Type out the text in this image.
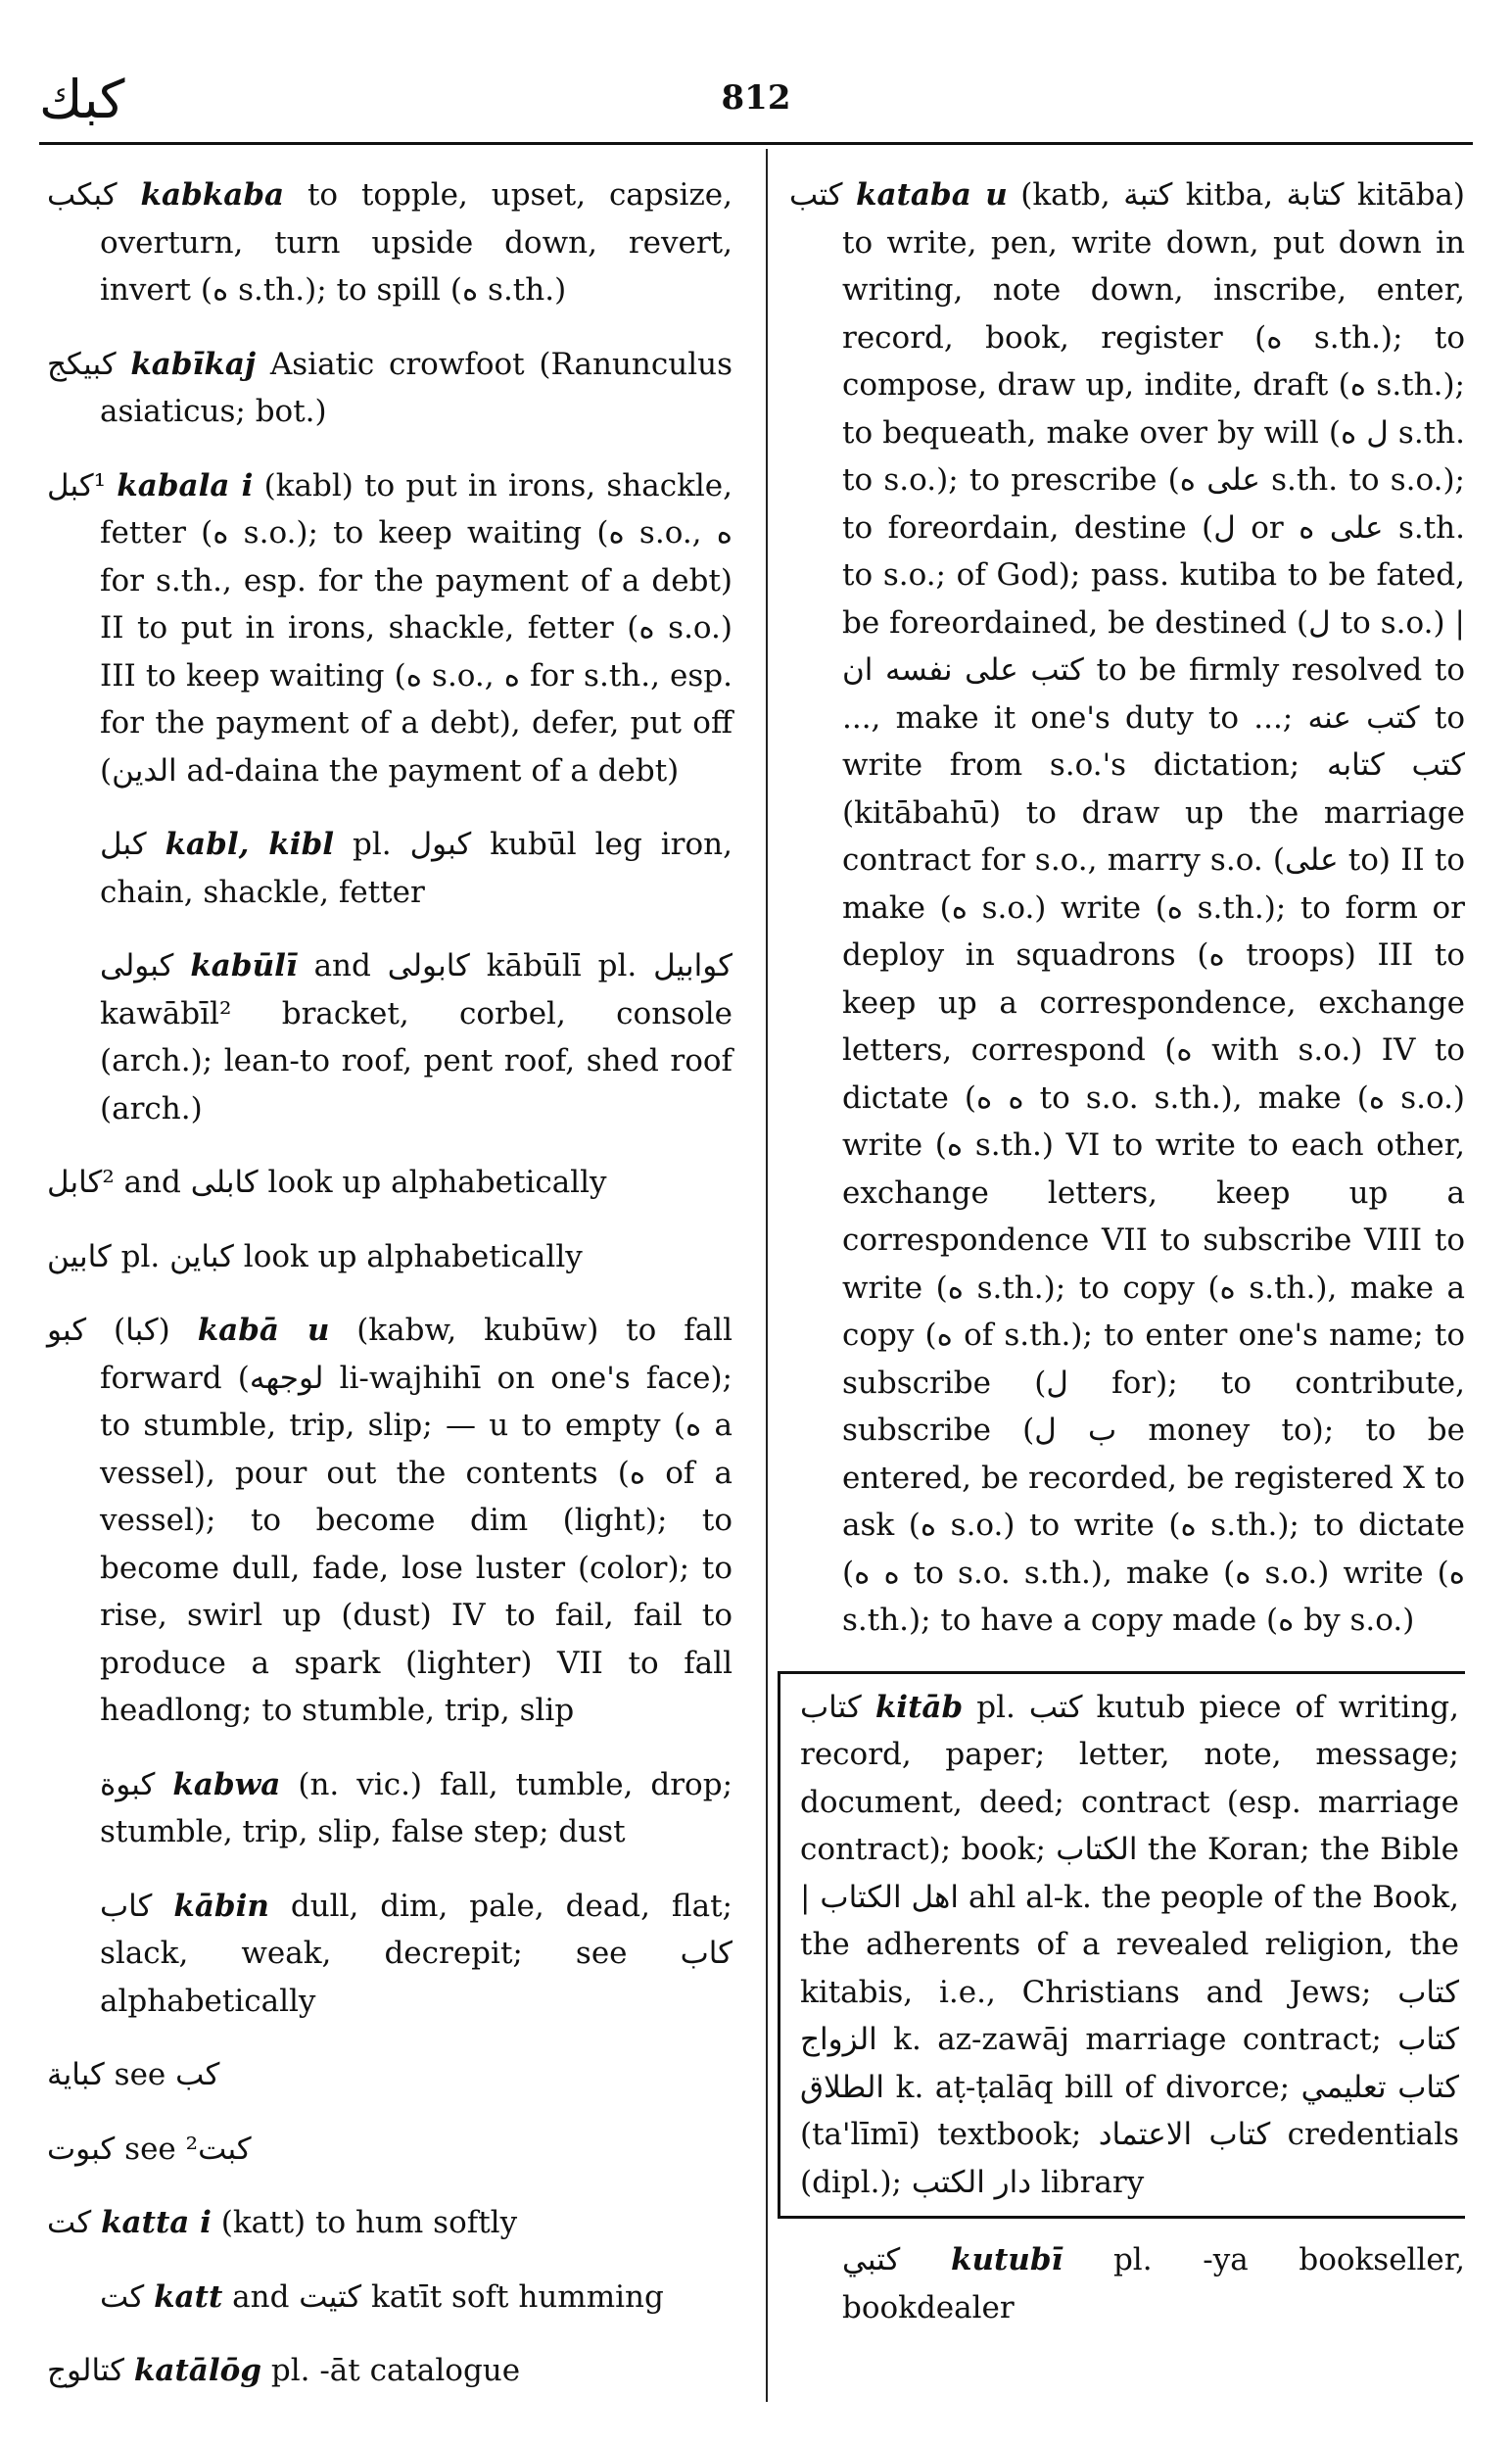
كبك	812
كبكب kabkaba to topple, upset, capsize, overturn, turn upside down, revert, invert (ه s.th.); to spill (ه s.th.)
كبيكج kabīkaj Asiatic crowfoot (Ranunculus asiaticus; bot.)
¹كبل kabala i (kabl) to put in irons, shackle, fetter (ه s.o.); to keep waiting (ه s.o., ه for s.th., esp. for the payment of a debt) II to put in irons, shackle, fetter (ه s.o.) III to keep waiting (ه s.o., ه for s.th., esp. for the payment of a debt), defer, put off (الدين ad-daina the payment of a debt)
كبل kabl, kibl pl. كبول kubūl leg iron, chain, shackle, fetter
كبولى kabūlī and كابولى kābūlī pl. كوابيل kawābīl² bracket, corbel, console (arch.); lean-to roof, pent roof, shed roof (arch.)
²كابل and كابلى look up alphabetically
كابين pl. كباين look up alphabetically
(كبا) كبو kabā u (kabw, kubūw) to fall forward (لوجهه li-wajhihī on one's face); to stumble, trip, slip; — u to empty (ه a vessel), pour out the contents (ه of a vessel); to become dim (light); to become dull, fade, lose luster (color); to rise, swirl up (dust) IV to fail, fail to produce a spark (lighter) VII to fall headlong; to stumble, trip, slip
كبوة kabwa (n. vic.) fall, tumble, drop; stumble, trip, slip, false step; dust
كاب kābin dull, dim, pale, dead, flat; slack, weak, decrepit; see كاب alphabetically
كباية see كب
كبوت see ²كبت
كت katta i (katt) to hum softly
كت katt and كتيت katīt soft humming
كتالوج katālōg pl. -āt catalogue
كتب kataba u (katb, كتبة kitba, كتابة kitāba) to write, pen, write down, put down in writing, note down, inscribe, enter, record, book, register (ه s.th.); to compose, draw up, indite, draft (ه s.th.); to bequeath, make over by will (ل ه s.th. to s.o.); to prescribe (على ه s.th. to s.o.); to foreordain, destine (ل or على ه s.th. to s.o.; of God); pass. kutiba to be fated, be foreordained, be destined (ل to s.o.) | كتب على نفسه ان to be firmly resolved to ..., make it one's duty to ...; كتب عنه to write from s.o.'s dictation; كتب كتابه (kitābahū) to draw up the marriage contract for s.o., marry s.o. (على to) II to make (ه s.o.) write (ه s.th.); to form or deploy in squadrons (ه troops) III to keep up a correspondence, exchange letters, correspond (ه with s.o.) IV to dictate (ه ه to s.o. s.th.), make (ه s.o.) write (ه s.th.) VI to write to each other, exchange letters, keep up a correspondence VII to subscribe VIII to write (ه s.th.); to copy (ه s.th.), make a copy (ه of s.th.); to enter one's name; to subscribe (ل for); to contribute, subscribe (ب ل money to); to be entered, be recorded, be registered X to ask (ه s.o.) to write (ه s.th.); to dictate (ه ه to s.o. s.th.), make (ه s.o.) write (ه s.th.); to have a copy made (ه by s.o.)
كتاب kitāb pl. كتب kutub piece of writing, record, paper; letter, note, message; document, deed; contract (esp. marriage contract); book; الكتاب the Koran; the Bible | اهل الكتاب ahl al-k. the people of the Book, the adherents of a revealed religion, the kitabis, i.e., Christians and Jews; كتاب الزواج k. az-zawāj marriage contract; كتاب الطلاق k. aṭ-ṭalāq bill of divorce; كتاب تعليمي (ta'līmī) textbook; كتاب الاعتماد credentials (dipl.); دار الكتب library
كتبي kutubī pl. -ya bookseller, bookdealer
